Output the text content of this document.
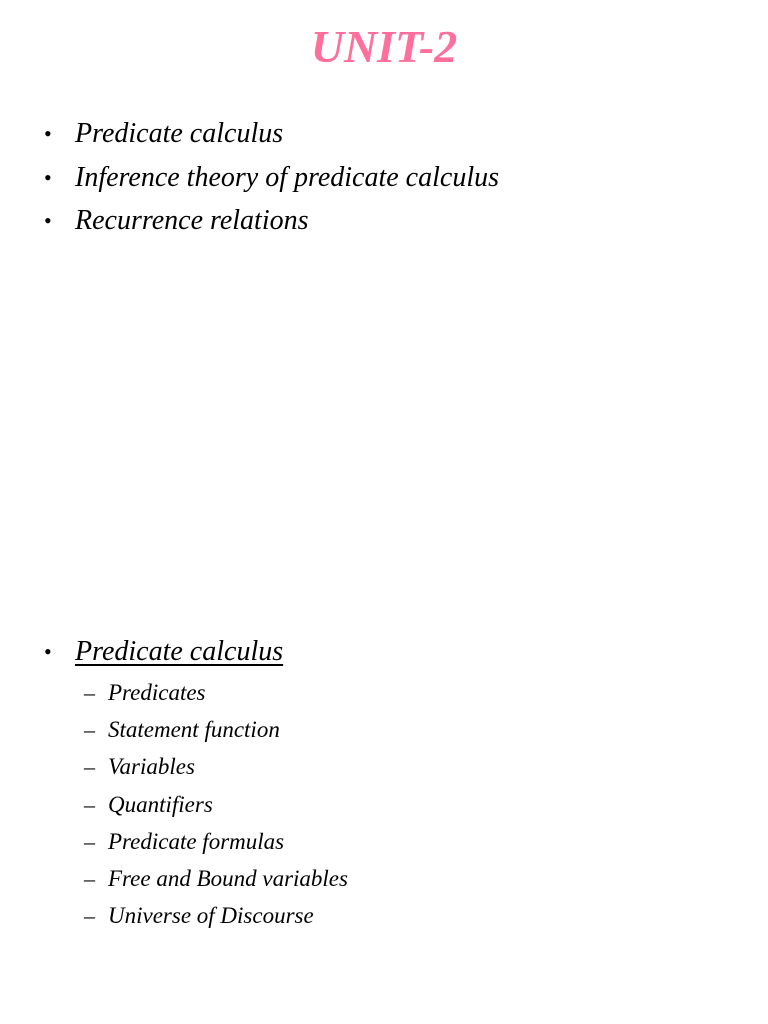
UNIT-2
• Predicate calculus
• Inference theory of predicate calculus
• Recurrence relations
• Predicate calculus
– Predicates
– Statement function
– Variables
– Quantifiers
– Predicate formulas
– Free and Bound variables
– Universe of Discourse
